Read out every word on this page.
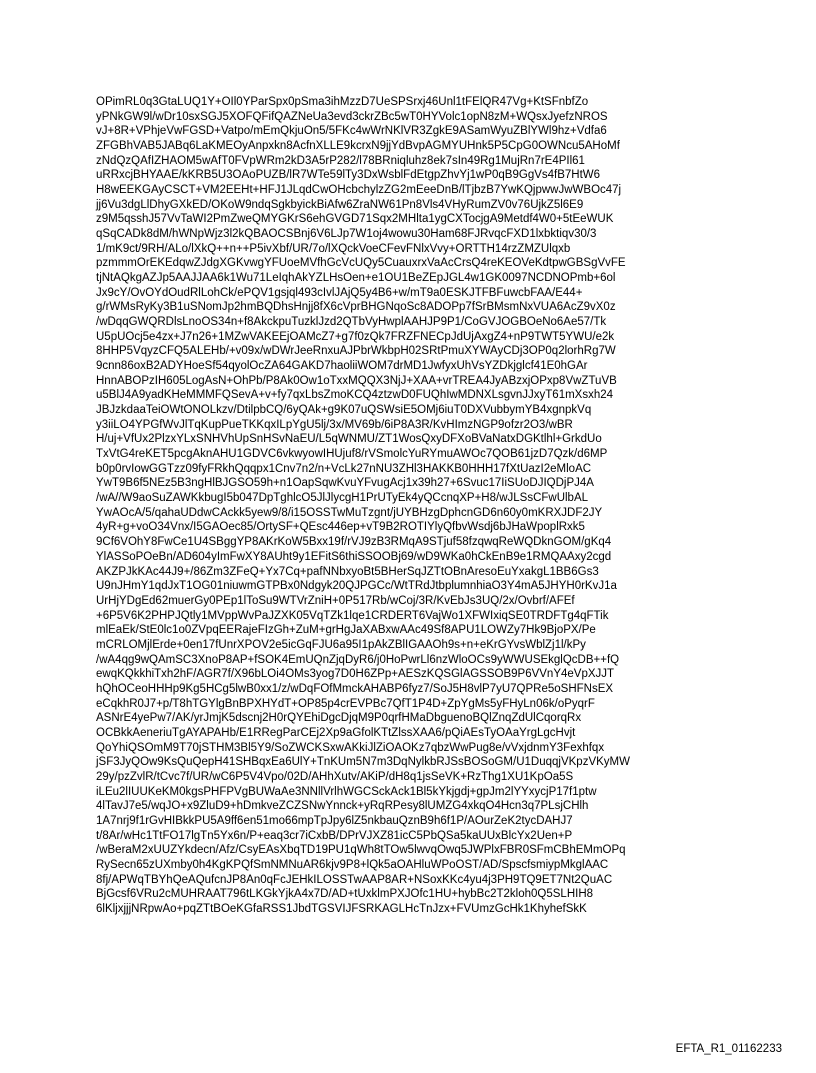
OPimRL0q3GtaLUQ1Y+OIl0YParSpx0pSma3ihMzzD7UeSPSrxj46Unl1tFElQR47Vg+KtSFnbfZo
yPNkGW9l/wDr10sxSGJ5XOFQFifQAZNeUa3evd3ckrZBc5wT0HYVolc1opN8zM+WQsxJyefzNROS
vJ+8R+VPhjeVwFGSD+Vatpo/mEmQkjuOn5/5FKc4wWrNKlVR3ZgkE9ASamWyuZBlYWl9hz+Vdfa6
ZFGBhVAB5JABq6LaKMEOyAnpxkn8AcfnXLLE9kcrxN9jjYdBvpAGMYUHnk5P5CpG0OWNcu5AHoMf
zNdQzQAfIZHAOM5wAfT0FVpWRm2kD3A5rP282/l78BRniqluhz8ek7sIn49Rg1MujRn7rE4PIl61
uRRxcjBHYAAE/kKRB5U3OAoPUZB/lR7WTe59lTy3DxWsblFdEtgpZhvYj1wP0qB9GgVs4fB7HtW6
H8wEEKGAyCSCT+VM2EEHt+HFJ1JLqdCwOHcbchylzZG2mEeeDnB/lTjbzB7YwKQjpwwJwWBOc47j
jj6Vu3dgLlDhyGXkED/OKoW9ndqSgkbyickBiAfw6ZraNW61Pn8Vls4VHyRumZV0v76UjkZ5l6E9
z9M5qsshJ57VvTaWI2PmZweQMYGKrS6ehGVGD71Sqx2MHlta1ygCXTocjgA9Metdf4W0+5tEeWUK
qSqCADk8dM/hWNpWjz3l2kQBAOCSBnj6V6LJp7W1oj4wowu30Ham68FJRvqcFXD1lxbktiqv30/3
1/mK9ct/9RH/ALo/lXkQ++n++P5ivXbf/UR/7o/lXQckVoeCFevFNlxVvy+ORTTH14rzZMZUlqxb
pzmmmOrEKEdqwZJdgXGKvwgYFUoeMVfhGcVcUQy5CuauxrxVaAcCrsQ4reKEOVeKdtpwGBSgVvFE
tjNtAQkgAZJp5AAJJAA6k1Wu71LeIqhAkYZLHsOen+e1OU1BeZEpJGL4w1GK0097NCDNOPmb+6ol
Jx9cY/OvOYdOudRlLohCk/ePQV1gsjql493cIvlJAjQ5y4B6+w/mT9a0ESKJTFBFuwcbFAA/E44+
g/rWMsRyKy3B1uSNomJp2hmBQDhsHnjj8fX6cVprBHGNqoSc8ADOPp7fSrBMsmNxVUA6AcZ9vX0z
/wDqqGWQRDlsLnoOS34n+f8AkckpuTuzklJzd2QTbVyHwplAAHJP9P1/CoGVJOGBOeNo6Ae57/Tk
U5pUOcj5e4zx+J7n26+1MZwVAKEEjOAMcZ7+g7f0zQk7FRZFNECpJdUjAxgZ4+nP9TWT5YWU/e2k
8HHP5VqyzCFQ5ALEHb/+v09x/wDWrJeeRnxuAJPbrWkbpH02SRtPmuXYWAyCDj3OP0q2lorhRg7W
9cnn86oxB2ADYHoeSf54qyolOcZA64GAKD7haoliiWOM7drMD1JwfyxUhVsYZDkjglcf41E0hGAr
HnnABOPzIH605LogAsN+OhPb/P8Ak0Ow1oTxxMQQX3NjJ+XAA+vrTREA4JyABzxjOPxp8VwZTuVB
u5BlJ4A9yadKHeMMMFQSevA+v+fy7qxLbsZmoKCQ4ztzwD0FUQhIwMDNXLsgvnJJxyT61mXsxh24
JBJzkdaaTeiOWtONOLkzv/DtilpbCQ/6yQAk+g9K07uQSWsiE5OMj6iuT0DXVubbymYB4xgnpkVq
y3iiLO4YPGfWvJlTqKupPueTKKqxILpYgU5lj/3x/MV69b/6iP8A3R/KvHImzNGP9ofzr2O3/wBR
H/uj+VfUx2PlzxYLxSNHVhUpSnHSvNaEU/L5qWNMU/ZT1WosQxyDFXoBVaNatxDGKtlhl+GrkdUo
TxVtG4reKET5pcgAknAHU1GDVC6vkwyowIHUjuf8/rVSmolcYuRYmuAWOc7QOB61jzD7Qzk/d6MP
b0p0rvIowGGTzz09fyFRkhQqqpx1Cnv7n2/n+VcLk27nNU3ZHl3HAKKB0HHH17fXtUazI2eMloAC
YwT9B6f5NEz5B3ngHlBJGSO59h+n1OapSqwKvuYFvugAcj1x39h27+6Svuc17IiSUoDJIQDjPJ4A
/wA//W9aoSuZAWKkbugI5b047DpTghlcO5JlJlycgH1PrUTyEk4yQCcnqXP+H8/wJLSsCFwUlbAL
YwAOcA/5/qahaUDdwCAckk5yew9/8/i15OSSTwMuTzgnt/jUYBHzgDphcnGD6n60y0mKRXJDF2JY
4yR+g+voO34Vnx/I5GAOec85/OrtySF+QEsc446ep+vT9B2ROTIYlyQfbvWsdj6bJHaWpoplRxk5
9Cf6VOhY8FwCe1U4SBggYP8AKrKoW5Bxx19f/rVJ9zB3RMqA9STjuf58fzqwqReWQDknGOM/gKq4
YlASSoPOeBn/AD604yImFwXY8AUht9y1EFitS6thiSSOOBj69/wD9WKa0hCkEnB9e1RMQAAxy2cgd
AKZPJkKAc44J9+/86Zm3ZFeQ+Yx7Cq+pafNNbxyoBt5BHerSqJZTtOBnAresoEuYxakgL1BB6Gs3
U9nJHmY1qdJxT1OG01niuwmGTPBx0Ndgyk20QJPGCc/WtTRdJtbplumnhiaO3Y4mA5JHYH0rKvJ1a
UrHjYDgEd62muerGy0PEp1lToSu9WTVrZniH+0P517Rb/wCoj/3R/KvEbJs3UQ/2x/Ovbrf/AFEf
+6P5V6K2PHPJQtly1MVppWvPaJZXK05VqTZk1lqe1CRDERT6VajWo1XFWIxiqSE0TRDFTg4qFTik
mlEaEk/StE0lc1o0ZVpqEERajeFIzGh+ZuM+grHgJaXABxwAAc49Sf8APU1LOWZy7Hk9BjoPX/Pe
mCRLOMjlErde+0en17fUnrXPOV2e5icGqFJU6a95I1pAkZBlIGAAOh9s+n+eKrGYvsWblZj1l/kPy
/wA4qg9wQAmSC3XnoP8AP+fSOK4EmUQnZjqDyR6/j0HoPwrLl6nzWloOCs9yWWUSEkglQcDB++fQ
ewqKQkkhiTxh2hF/AGR7f/X96bLOi4OMs3yog7D0H6ZPp+AESzKQSGlAGSSOB9P6VVnY4eVpXJJT
hQhOCeoHHHp9Kg5HCg5lwB0xx1/z/wDqFOfMmckAHABP6fyz7/SoJ5H8vlP7yU7QPRe5oSHFNsEX
eCqkhR0J7+p/T8hTGYlgBnBPXHYdT+OP85p4crEVPBc7QfT1P4D+ZpYgMs5yFHyLn06k/oPyqrF
ASNrE4yePw7/AK/yrJmjK5dscnj2H0rQYEhiDgcDjqM9P0qrfHMaDbguenoBQlZnqZdUlCqorqRx
OCBkkAeneriuTgAYAPAHb/E1RRegParCEj2Xp9aGfolKTtZlssXAA6/pQiAEsTyOAaYrgLgcHvjt
QoYhiQSOmM9T70jSTHM3Bl5Y9/SoZWCKSxwAKkiJlZiOAOKz7qbzWwPug8e/vVxjdnmY3Fexhfqx
jSF3JyQOw9KsQuQepH41SHBqxEa6UlY+TnKUm5N7m3DqNylkbRJSsBOSoGM/U1DuqqjVKpzVKyMW
29y/pzZvlR/tCvc7f/UR/wC6P5V4Vpo/02D/AHhXutv/AKiP/dH8q1jsSeVK+RzThg1XU1KpOa5S
iLEu2lIUUKeKM0kgsPHFPVgBUWaAe3NNllVrlhWGCSckAck1Bl5kYkjgdj+gpJm2lYYxycjP17f1ptw
4lTavJ7e5/wqJO+x9ZluD9+hDmkveZCZSNwYnnck+yRqRPesy8lUMZG4xkqO4Hcn3q7PLsjCHlh
1A7nrj9f1rGvHIBkkPU5A9ff6en51mo66mpTpJpy6lZ5nkbauQznB9h6f1P/AOurZeK2tycDAHJ7
t/8Ar/wHc1TtFO17lgTn5Yx6n/P+eaq3cr7iCxbB/DPrVJXZ81icC5PbQSa5kaUUxBlcYx2Uen+P
/wBeraM2xUUZYkdecn/Afz/CsyEAsXbqTD19PU1qWh8tTOw5lwvqOwq5JWPlxFBR0SFmCBhEMmOPq
RySecn65zUXmby0h4KgKPQfSmNMNuAR6kjv9P8+lQk5aOAHluWPoOST/AD/SpscfsmiypMkglAAC
8fj/APWqTBYhQeAQufcnJP8An0qFcJEHkILOSSTwAAP8AR+NSoxKKc4yu4j3PH9TQ9ET7Nt2QuAC
BjGcsf6VRu2cMUHRAAT796tLKGkYjkA4x7D/AD+tUxklmPXJOfc1HU+hybBc2T2kloh0Q5SLHIH8
6lKljxjjjNRpwAo+pqZTtBOeKGfaRSS1JbdTGSVIJFSRKAGLHcTnJzx+FVUmzGcHk1KhyhefSkK
EFTA_R1_01162233
